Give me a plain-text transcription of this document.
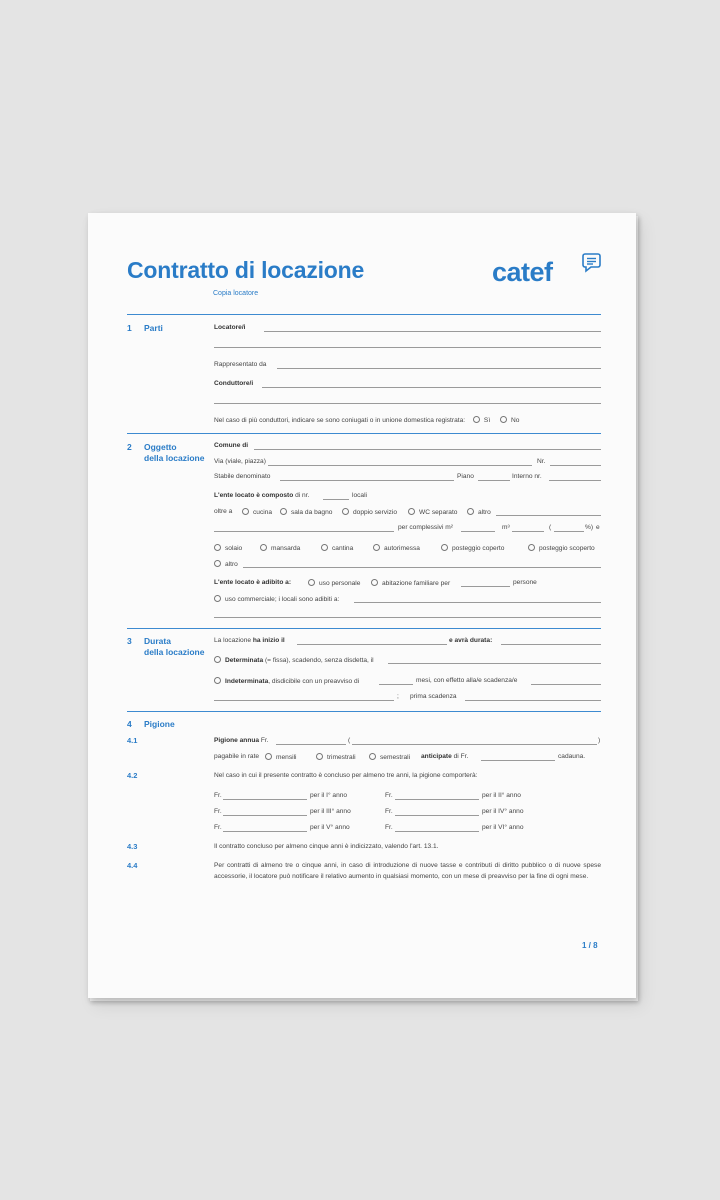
Contratto di locazione
Copia locatore
catef
1 Parti	Locatore/i
Rappresentato da
Conduttore/i
Nel caso di più conduttori, indicare se sono coniugati o in unione domestica registrata:	Sì	No
2 Oggetto
della locazione
Comune di
Via (viale, piazza)	Nr.
Stabile denominato	Piano	Interno nr.
L'ente locato è composto di nr.	locali
oltre a	cucina	sala da bagno	doppio servizio	WC separato	altro
per complessivi m²	m³	(	%) e
solaio	mansarda	cantina	autorimessa	posteggio coperto	posteggio scoperto
altro
L'ente locato è adibito a:	uso personale	abitazione familiare per	persone
uso commerciale; i locali sono adibiti a:
3 Durata
della locazione
La locazione ha inizio il	e avrà durata:
Determinata (= fissa), scadendo, senza disdetta, il
Indeterminata, disdicibile con un preavviso di	mesi, con effetto alla/e scadenza/e
; prima scadenza
4 Pigione
4.1	Pigione annua Fr.	(	)
pagabile in rate	mensili	trimestrali	semestrali anticipate di Fr.	cadauna.
4.2	Nel caso in cui il presente contratto è concluso per almeno tre anni, la pigione comporterà:
Fr.	per il I° anno	Fr.	per il II° anno
Fr.	per il III° anno	Fr.	per il IV° anno
Fr.	per il V° anno	Fr.	per il VI° anno
4.3	Il contratto concluso per almeno cinque anni è indicizzato, valendo l'art. 13.1.
4.4	Per contratti di almeno tre o cinque anni, in caso di introduzione di nuove tasse e contributi di diritto pubblico o di nuove spese accessorie, il locatore può notificare il relativo aumento in qualsiasi momento, con un mese di preavviso per la fine di ogni mese.
1 / 8
